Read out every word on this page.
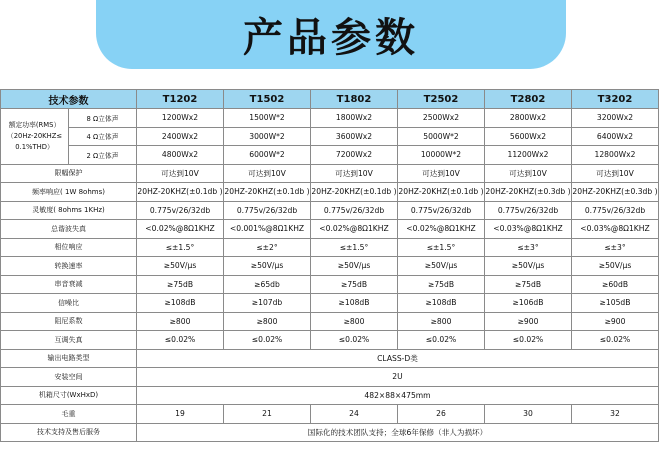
产品参数
技术参数		T1202	T1502	T1802	T2502	T2802	T3202

额定功率(RMS）
（20Hz-20KHZ≤
0.1%THD）	8 Ω立体声	1200Wx2	1500W*2	1800Wx2	2500Wx2	2800Wx2	3200Wx2
	4 Ω立体声	2400Wx2	3000W*2	3600Wx2	5000W*2	5600Wx2	6400Wx2
	2 Ω立体声	4800Wx2	6000W*2	7200Wx2	10000W*2	11200Wx2	12800Wx2
限幅保护		可达到10V	可达到10V	可达到10V	可达到10V	可达到10V	可达到10V
频率响应( 1W 8ohms)		20HZ-20KHZ(±0.1db )	20HZ-20KHZ(±0.1db )	20HZ-20KHZ(±0.1db )	20HZ-20KHZ(±0.1db )	20HZ-20KHZ(±0.3db )	20HZ-20KHZ(±0.3db )
灵敏度( 8ohms 1KHz)		0.775v/26/32db	0.775v/26/32db	0.775v/26/32db	0.775v/26/32db	0.775v/26/32db	0.775v/26/32db
总谐波失真		<0.02%@8Ω1KHZ	<0.001%@8Ω1KHZ	<0.02%@8Ω1KHZ	<0.02%@8Ω1KHZ	<0.03%@8Ω1KHZ	<0.03%@8Ω1KHZ
相位响应		≤±1.5°	≤±2°	≤±1.5°	≤±1.5°	≤±3°	≤±3°
转换速率		≥50V/μs	≥50V/μs	≥50V/μs	≥50V/μs	≥50V/μs	≥50V/μs
串音衰减		≥75dB	≥65db	≥75dB	≥75dB	≥75dB	≥60dB
信噪比		≥108dB	≥107db	≥108dB	≥108dB	≥106dB	≥105dB
阻尼系数		≥800	≥800	≥800	≥800	≥900	≥900
互调失真		≤0.02%	≤0.02%	≤0.02%	≤0.02%	≤0.02%	≤0.02%
输出电路类型		CLASS-D类					
安装空间		2U					
机箱尺寸(WxHxD)		482×88×475mm					
毛重		19	21	24	26	30	32
技术支持及售后服务		国际化的技术团队支持；全球6年保修（非人为损坏）					
